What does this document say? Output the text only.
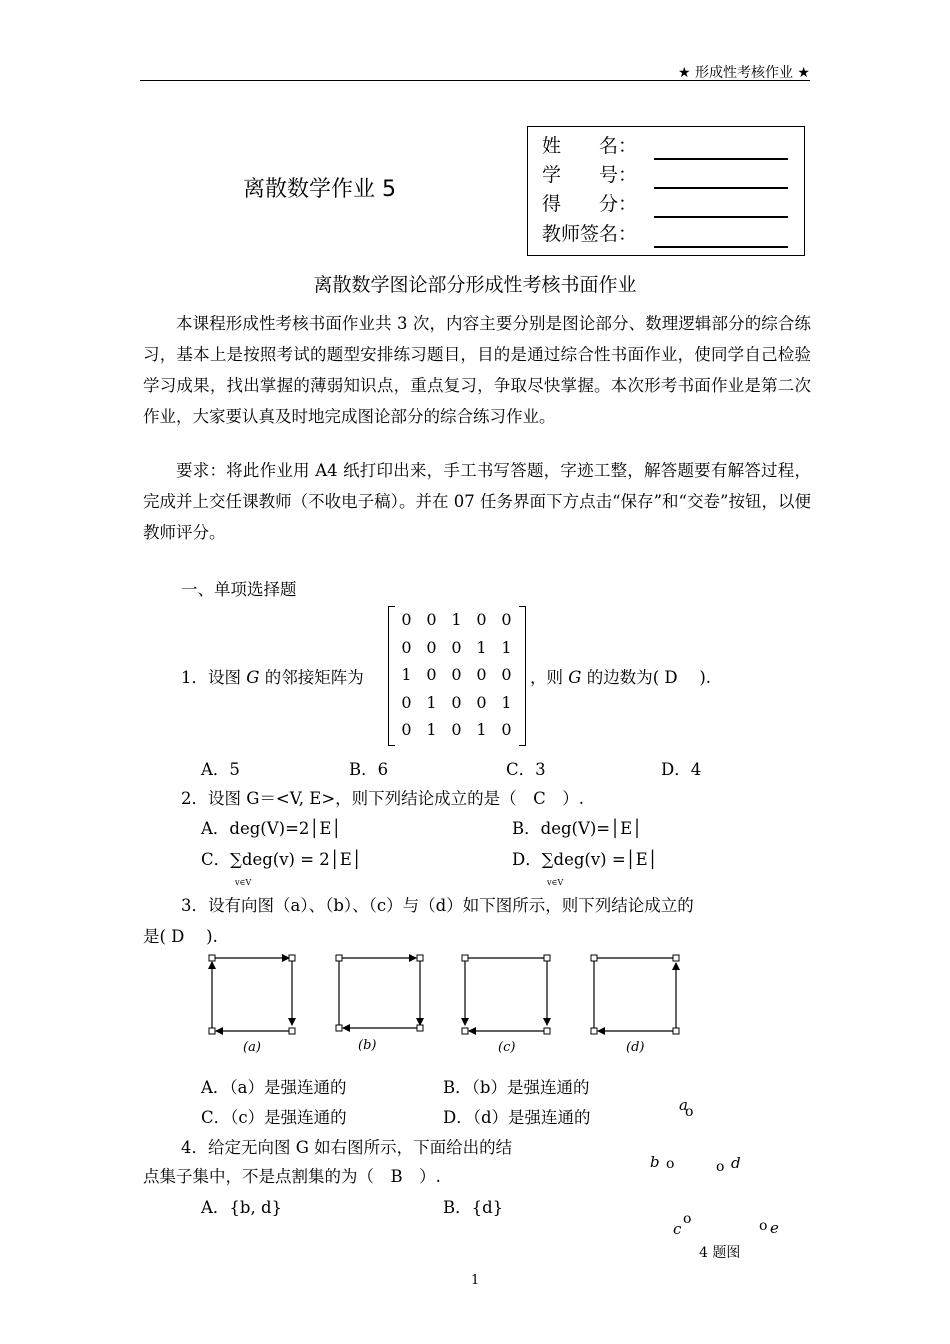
★ 形成性考核作业 ★
离散数学作业 5
姓　　名：
学　　号：
得　　分：
教师签名：
离散数学图论部分形成性考核书面作业
本课程形成性考核书面作业共 3 次，内容主要分别是图论部分、数理逻辑部分的综合练习，基本上是按照考试的题型安排练习题目，目的是通过综合性书面作业，使同学自己检验学习成果，找出掌握的薄弱知识点，重点复习，争取尽快掌握。本次形考书面作业是第二次作业，大家要认真及时地完成图论部分的综合练习作业。
要求：将此作业用 A4 纸打印出来，手工书写答题，字迹工整，解答题要有解答过程，完成并上交任课教师（不收电子稿）。并在 07 任务界面下方点击“保存”和“交卷”按钮，以便教师评分。
一、单项选择题
1．设图 G 的邻接矩阵为
0	0	1	0	0
0	0	0	1	1
1	0	0	0	0
0	1	0	0	1
0	1	0	1	0
，则 G 的边数为( D　 ).
A．5	B．6	C．3	D．4
2．设图 G＝<V, E>，则下列结论成立的是（　C　）.
A．deg(V)=2│E│	B．deg(V)=│E│
C．∑deg(v) = 2│E│
v∈V
D．∑deg(v) =│E│
v∈V
3．设有向图（a）、（b）、（c）与（d）如下图所示，则下列结论成立的
是( D　 ).
(a)	(b)	(c)	(d)
A．（a）是强连通的	B．（b）是强连通的
C．（c）是强连通的	D．（d）是强连通的
4．给定无向图 G 如右图所示，下面给出的结
点集子集中，不是点割集的为（　B　）.
A．{b, d}	B．{d}
a
o
b o	o d
c
o	o e
4 题图
1
